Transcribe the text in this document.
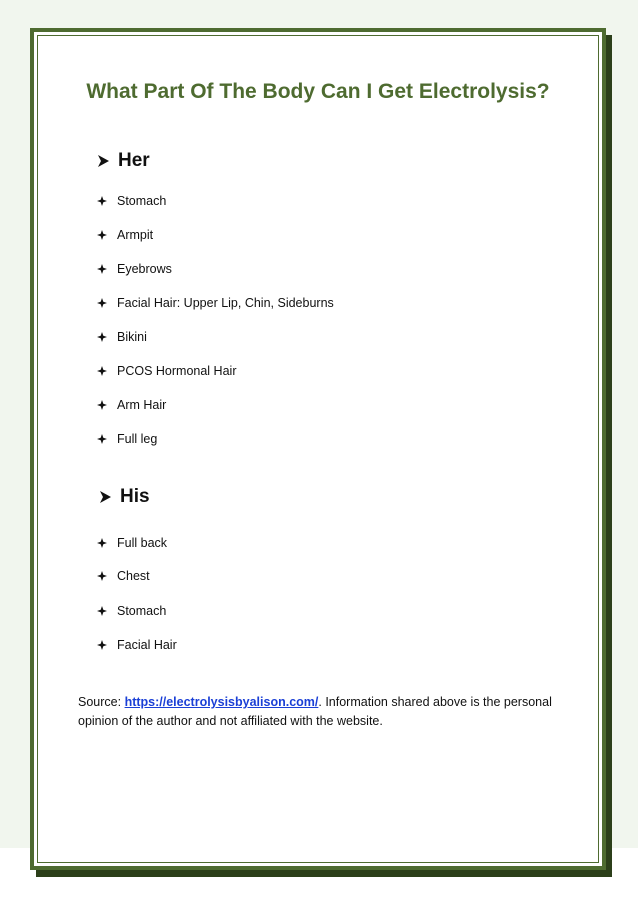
What Part Of The Body Can I Get Electrolysis?
Her
Stomach
Armpit
Eyebrows
Facial Hair: Upper Lip, Chin, Sideburns
Bikini
PCOS Hormonal Hair
Arm Hair
Full leg
His
Full back
Chest
Stomach
Facial Hair

Source: https://electrolysisbyalison.com/. Information shared above is the personal opinion of the author and not affiliated with the website.
